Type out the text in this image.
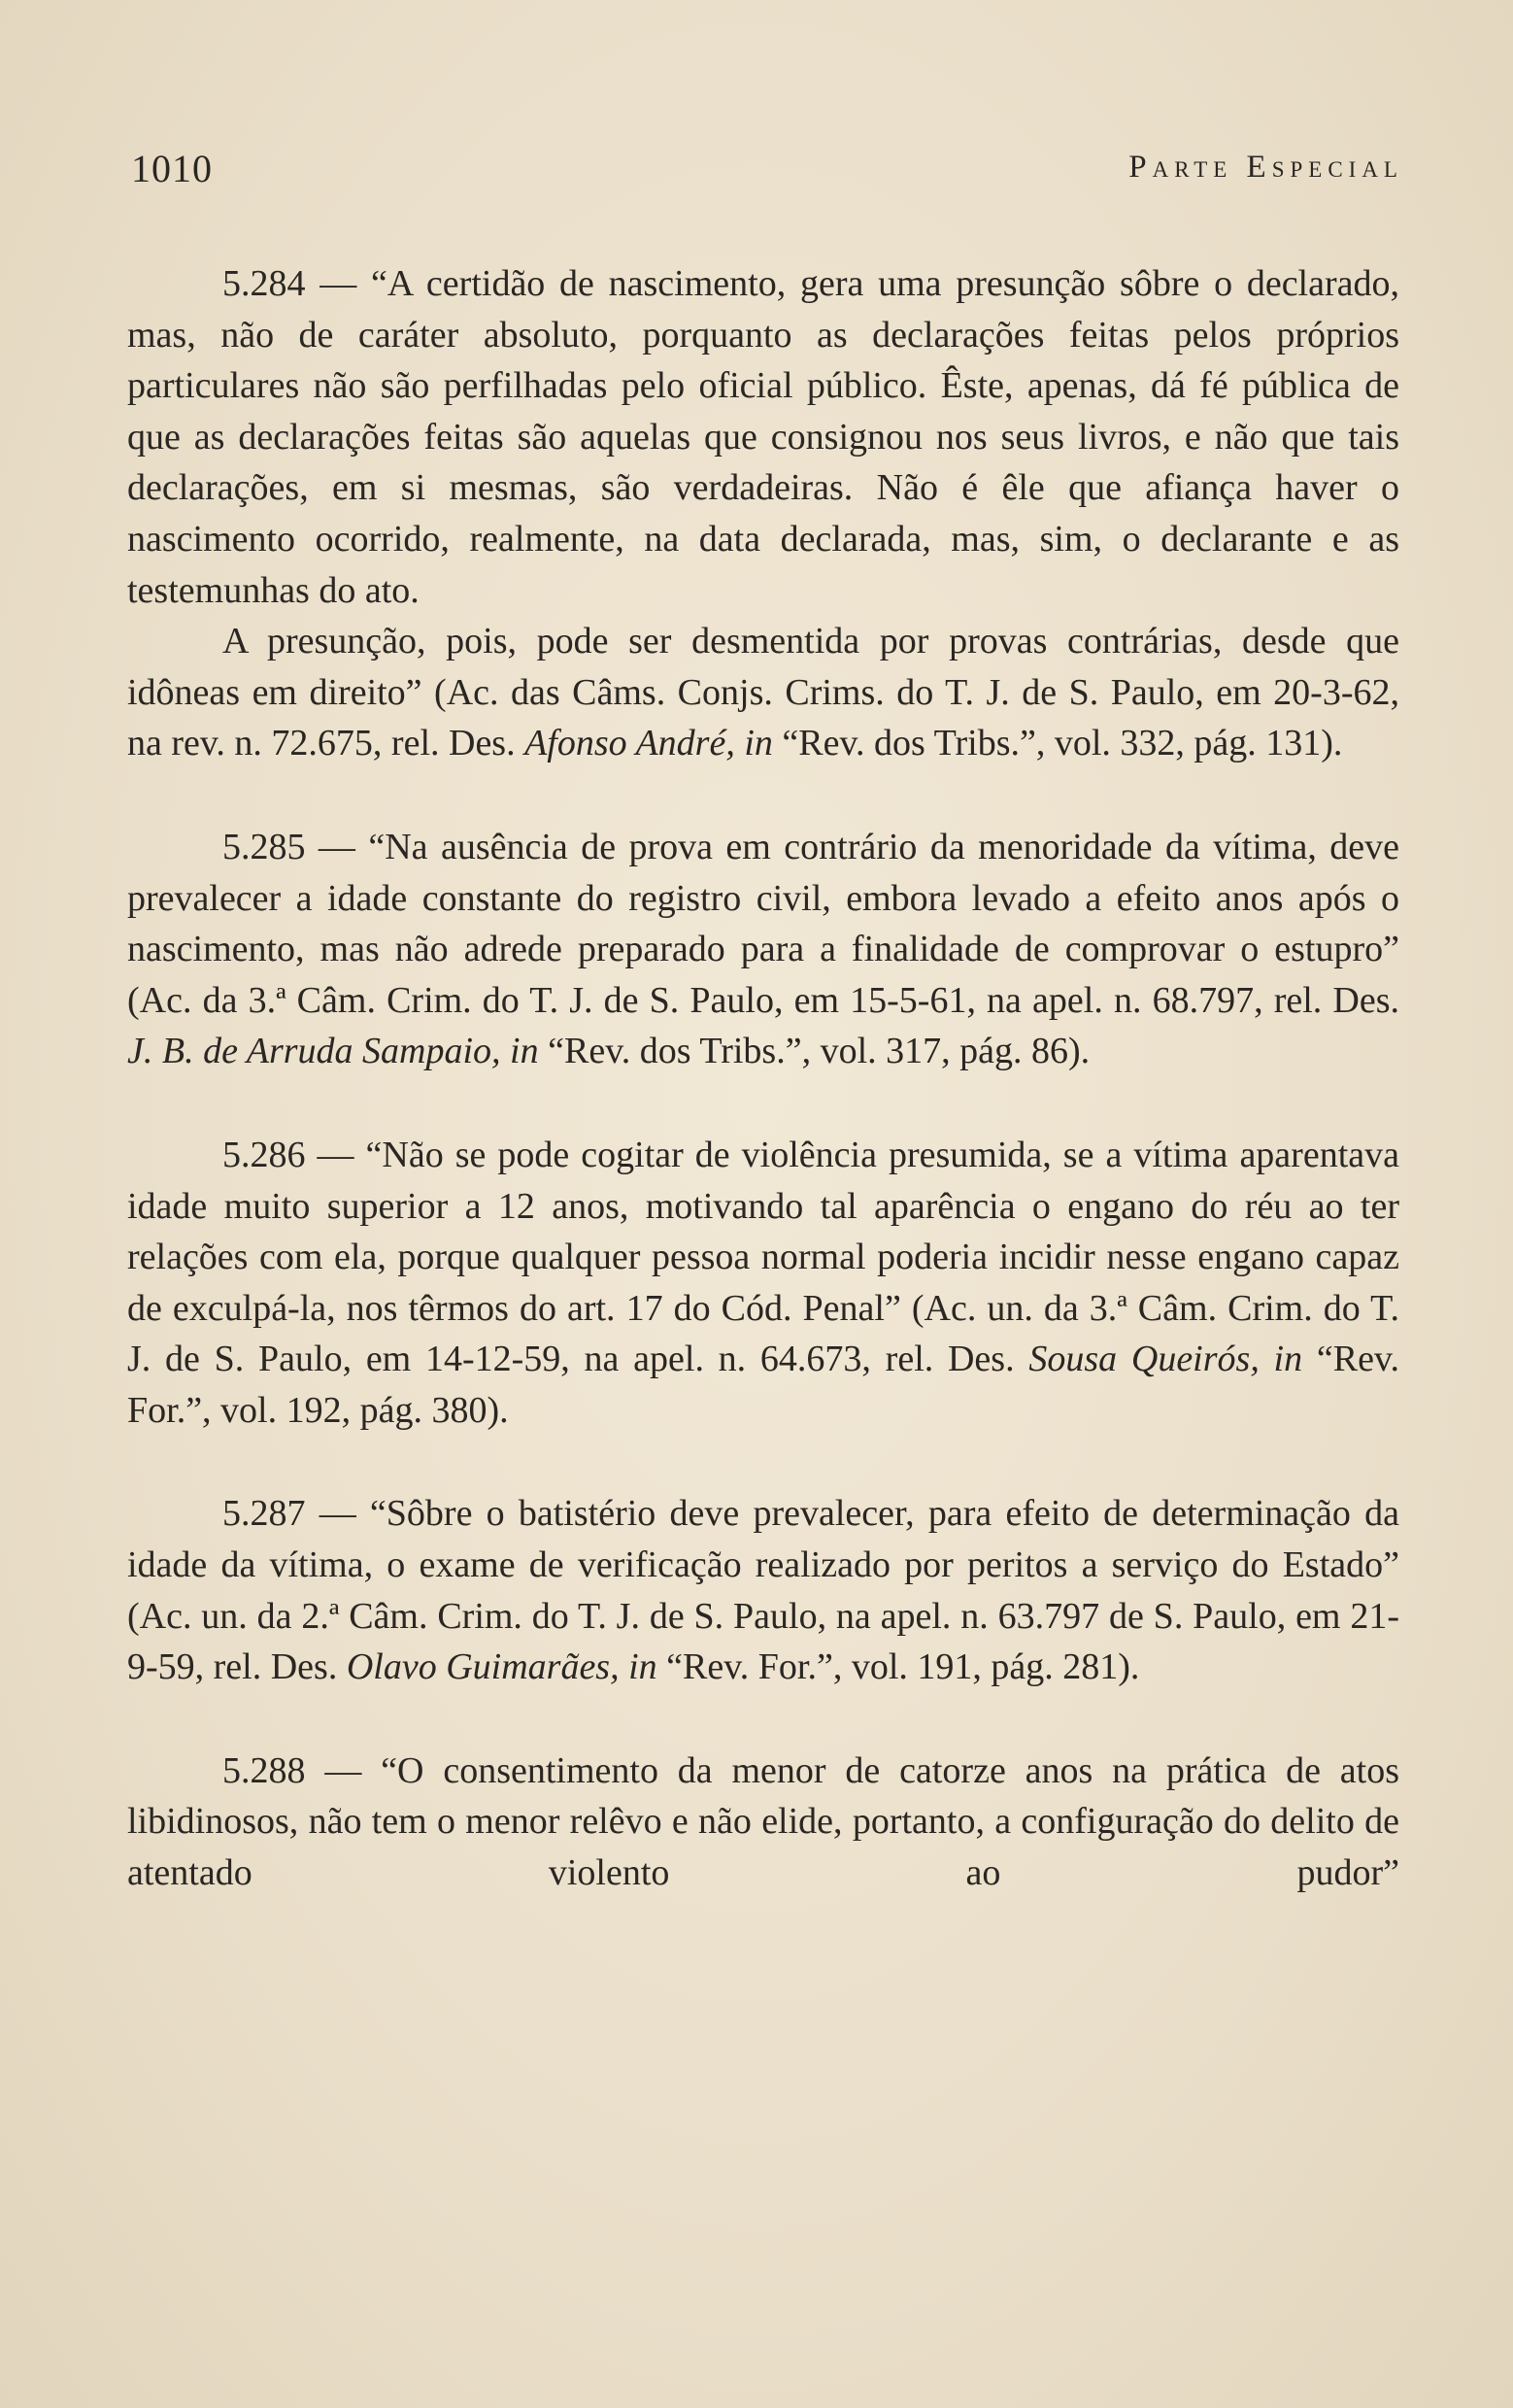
1010	Parte Especial

5.284 — “A certidão de nascimento, gera uma presunção sôbre o declarado, mas, não de caráter absoluto, porquanto as declarações feitas pelos próprios particulares não são perfilhadas pelo oficial público. Êste, apenas, dá fé pública de que as declarações feitas são aquelas que consignou nos seus livros, e não que tais declarações, em si mesmas, são verdadeiras. Não é êle que afiança haver o nascimento ocorrido, realmente, na data declarada, mas, sim, o declarante e as testemunhas do ato.

A presunção, pois, pode ser desmentida por provas contrárias, desde que idôneas em direito” (Ac. das Câms. Conjs. Crims. do T. J. de S. Paulo, em 20-3-62, na rev. n. 72.675, rel. Des. Afonso André, in “Rev. dos Tribs.”, vol. 332, pág. 131).

5.285 — “Na ausência de prova em contrário da menoridade da vítima, deve prevalecer a idade constante do registro civil, embora levado a efeito anos após o nascimento, mas não adrede preparado para a finalidade de comprovar o estupro” (Ac. da 3.ª Câm. Crim. do T. J. de S. Paulo, em 15-5-61, na apel. n. 68.797, rel. Des. J. B. de Arruda Sampaio, in “Rev. dos Tribs.”, vol. 317, pág. 86).

5.286 — “Não se pode cogitar de violência presumida, se a vítima aparentava idade muito superior a 12 anos, motivando tal aparência o engano do réu ao ter relações com ela, porque qualquer pessoa normal poderia incidir nesse engano capaz de exculpá-la, nos têrmos do art. 17 do Cód. Penal” (Ac. un. da 3.ª Câm. Crim. do T. J. de S. Paulo, em 14-12-59, na apel. n. 64.673, rel. Des. Sousa Queirós, in “Rev. For.”, vol. 192, pág. 380).

5.287 — “Sôbre o batistério deve prevalecer, para efeito de determinação da idade da vítima, o exame de verificação realizado por peritos a serviço do Estado” (Ac. un. da 2.ª Câm. Crim. do T. J. de S. Paulo, na apel. n. 63.797 de S. Paulo, em 21-9-59, rel. Des. Olavo Guimarães, in “Rev. For.”, vol. 191, pág. 281).

5.288 — “O consentimento da menor de catorze anos na prática de atos libidinosos, não tem o menor relêvo e não elide, portanto, a configuração do delito de atentado violento ao pudor”
